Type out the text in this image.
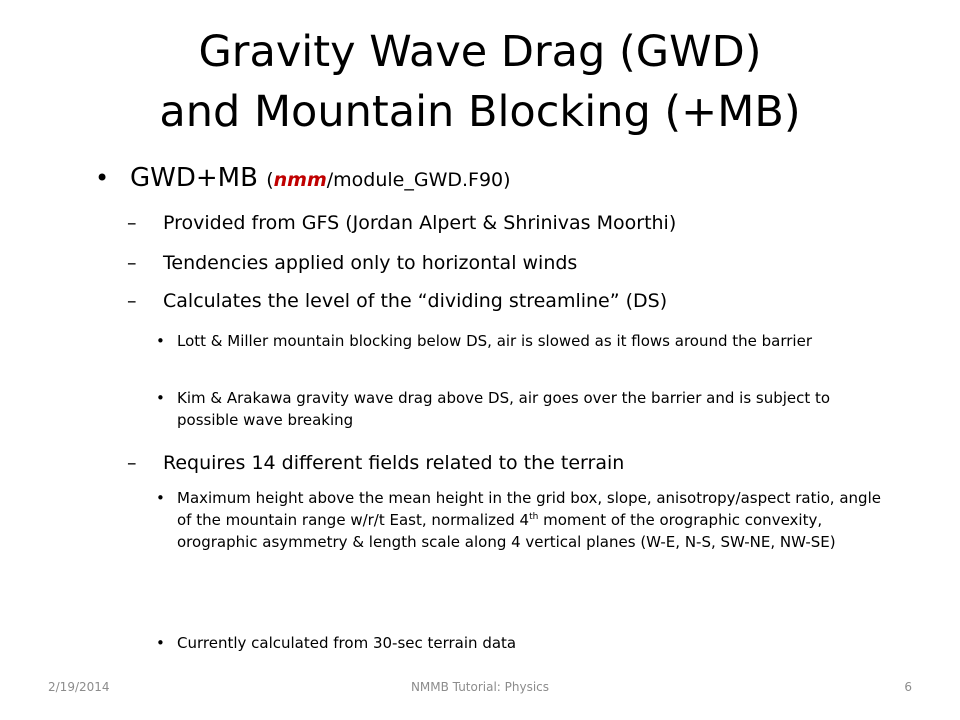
Gravity Wave Drag (GWD)
and Mountain Blocking (+MB)
• GWD+MB (nmm/module_GWD.F90)
– Provided from GFS (Jordan Alpert & Shrinivas Moorthi)
– Tendencies applied only to horizontal winds
– Calculates the level of the “dividing streamline” (DS)
• Lott & Miller mountain blocking below DS, air is slowed as it flows around the barrier
• Kim & Arakawa gravity wave drag above DS, air goes over the barrier and is subject to possible wave breaking
– Requires 14 different fields related to the terrain
• Maximum height above the mean height in the grid box, slope, anisotropy/aspect ratio, angle of the mountain range w/r/t East, normalized 4th moment of the orographic convexity, orographic asymmetry & length scale along 4 vertical planes (W-E, N-S, SW-NE, NW-SE)
• Currently calculated from 30-sec terrain data
2/19/2014	NMMB Tutorial: Physics	6
